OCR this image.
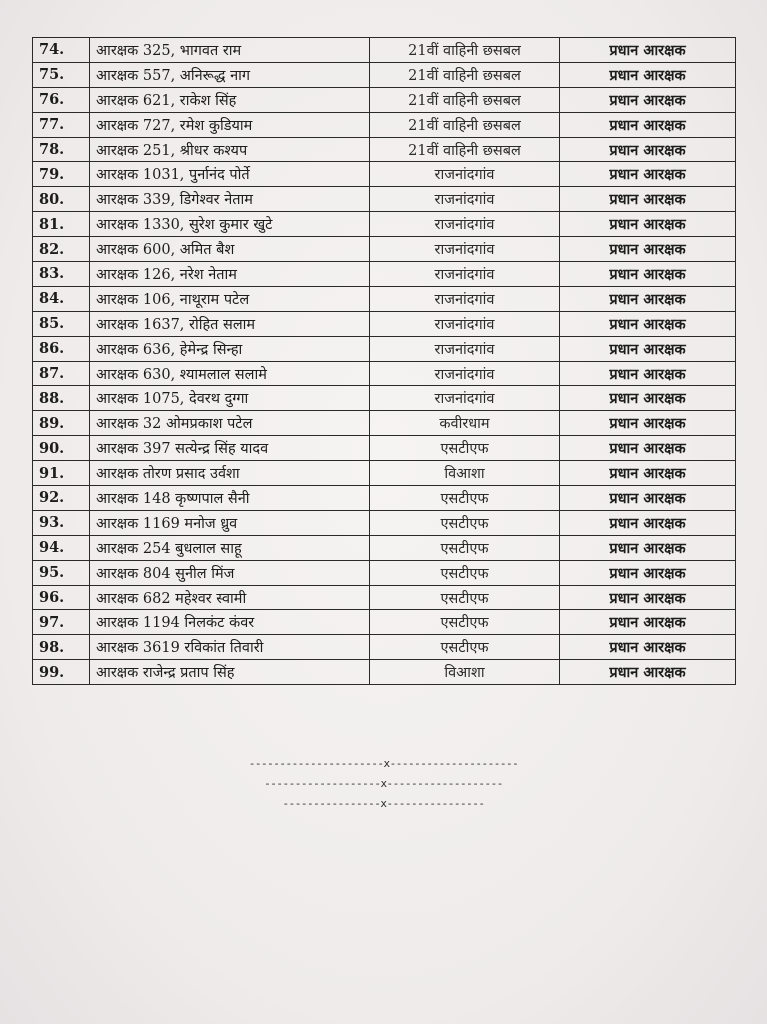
74.	आरक्षक 325, भागवत राम	21वीं वाहिनी छसबल	प्रधान आरक्षक
75.	आरक्षक 557, अनिरूद्ध नाग	21वीं वाहिनी छसबल	प्रधान आरक्षक
76.	आरक्षक 621, राकेश सिंह	21वीं वाहिनी छसबल	प्रधान आरक्षक
77.	आरक्षक 727, रमेश कुडियाम	21वीं वाहिनी छसबल	प्रधान आरक्षक
78.	आरक्षक 251, श्रीधर कश्यप	21वीं वाहिनी छसबल	प्रधान आरक्षक
79.	आरक्षक 1031, पुर्नानंद पोर्ते	राजनांदगांव	प्रधान आरक्षक
80.	आरक्षक 339, डिगेश्वर नेताम	राजनांदगांव	प्रधान आरक्षक
81.	आरक्षक 1330, सुरेश कुमार खुटे	राजनांदगांव	प्रधान आरक्षक
82.	आरक्षक 600, अमित बैश	राजनांदगांव	प्रधान आरक्षक
83.	आरक्षक 126, नरेश नेताम	राजनांदगांव	प्रधान आरक्षक
84.	आरक्षक 106, नाथूराम पटेल	राजनांदगांव	प्रधान आरक्षक
85.	आरक्षक 1637, रोहित सलाम	राजनांदगांव	प्रधान आरक्षक
86.	आरक्षक 636, हेमेन्द्र सिन्हा	राजनांदगांव	प्रधान आरक्षक
87.	आरक्षक 630, श्यामलाल सलामे	राजनांदगांव	प्रधान आरक्षक
88.	आरक्षक 1075, देवरथ दुग्गा	राजनांदगांव	प्रधान आरक्षक
89.	आरक्षक 32 ओमप्रकाश पटेल	कवीरधाम	प्रधान आरक्षक
90.	आरक्षक 397 सत्येन्द्र सिंह यादव	एसटीएफ	प्रधान आरक्षक
91.	आरक्षक तोरण प्रसाद उर्वशा	विआशा	प्रधान आरक्षक
92.	आरक्षक 148 कृष्णपाल सैनी	एसटीएफ	प्रधान आरक्षक
93.	आरक्षक 1169 मनोज ध्रुव	एसटीएफ	प्रधान आरक्षक
94.	आरक्षक 254 बुधलाल साहू	एसटीएफ	प्रधान आरक्षक
95.	आरक्षक 804 सुनील मिंज	एसटीएफ	प्रधान आरक्षक
96.	आरक्षक 682 महेश्वर स्वामी	एसटीएफ	प्रधान आरक्षक
97.	आरक्षक 1194 निलकंट कंवर	एसटीएफ	प्रधान आरक्षक
98.	आरक्षक 3619 रविकांत तिवारी	एसटीएफ	प्रधान आरक्षक
99.	आरक्षक राजेन्द्र प्रताप सिंह	विआशा	प्रधान आरक्षक
----------------------x---------------------
-------------------x-------------------
----------------x----------------
